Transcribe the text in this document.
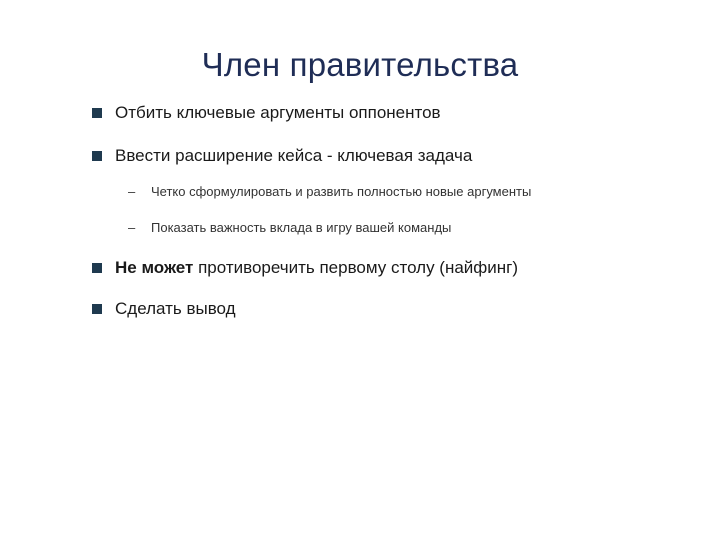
Член правительства
Отбить ключевые аргументы оппонентов
Ввести расширение кейса - ключевая задача
– Четко сформулировать и развить полностью новые аргументы
– Показать важность вклада в игру вашей команды
Не может противоречить первому столу (найфинг)
Сделать вывод
